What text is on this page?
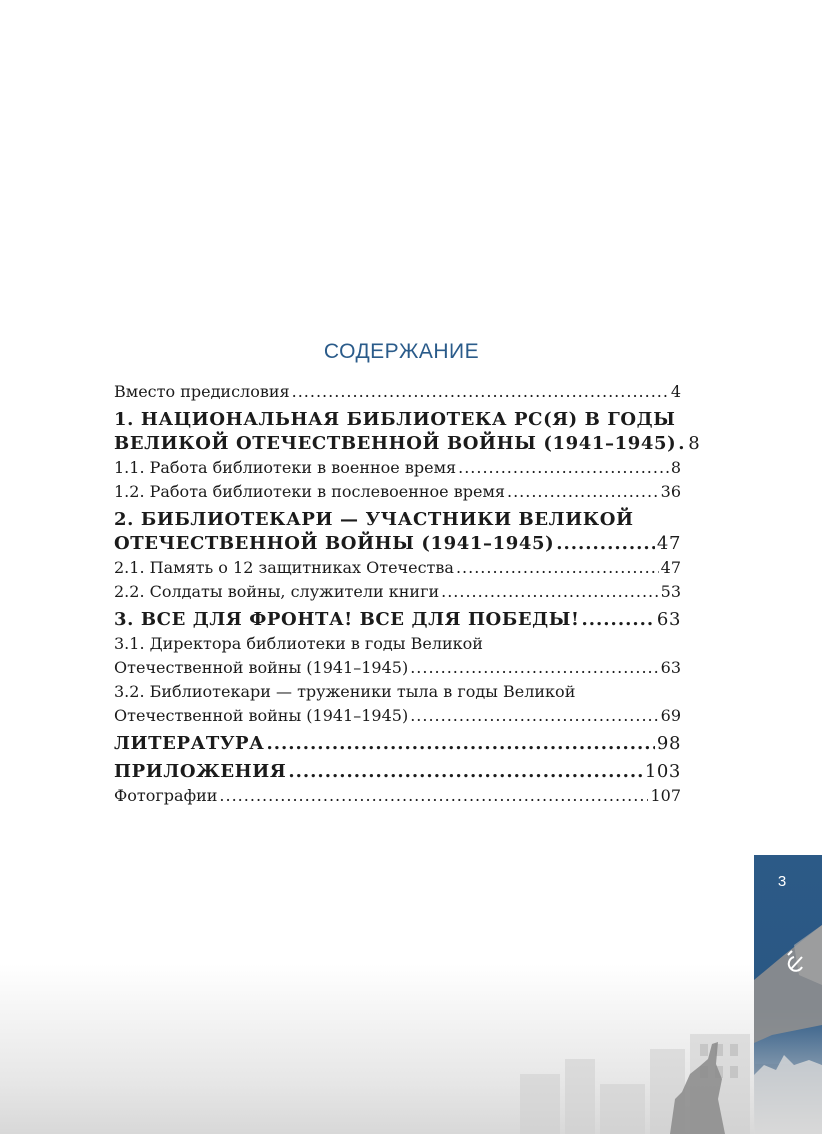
СОДЕРЖАНИЕ
Вместо предисловия .....	4
1. НАЦИОНАЛЬНАЯ БИБЛИОТЕКА РС(Я) В ГОДЫ
ВЕЛИКОЙ ОТЕЧЕСТВЕННОЙ ВОЙНЫ (1941–1945) ..... 8
1.1. Работа библиотеки в военное время .....	8
1.2. Работа библиотеки в послевоенное время .....	36
2. БИБЛИОТЕКАРИ — УЧАСТНИКИ ВЕЛИКОЙ
ОТЕЧЕСТВЕННОЙ ВОЙНЫ (1941–1945) .....	47
2.1. Память о 12 защитниках Отечества .....	47
2.2. Солдаты войны, служители книги .....	53
3. ВСЕ ДЛЯ ФРОНТА! ВСЕ ДЛЯ ПОБЕДЫ! .....	63
3.1. Директора библиотеки в годы Великой
Отечественной войны (1941–1945) .....	63
3.2. Библиотекари — труженики тыла в годы Великой
Отечественной войны (1941–1945) .....	69
ЛИТЕРАТУРА .....	98
ПРИЛОЖЕНИЯ .....	103
Фотографии .....	107
3
